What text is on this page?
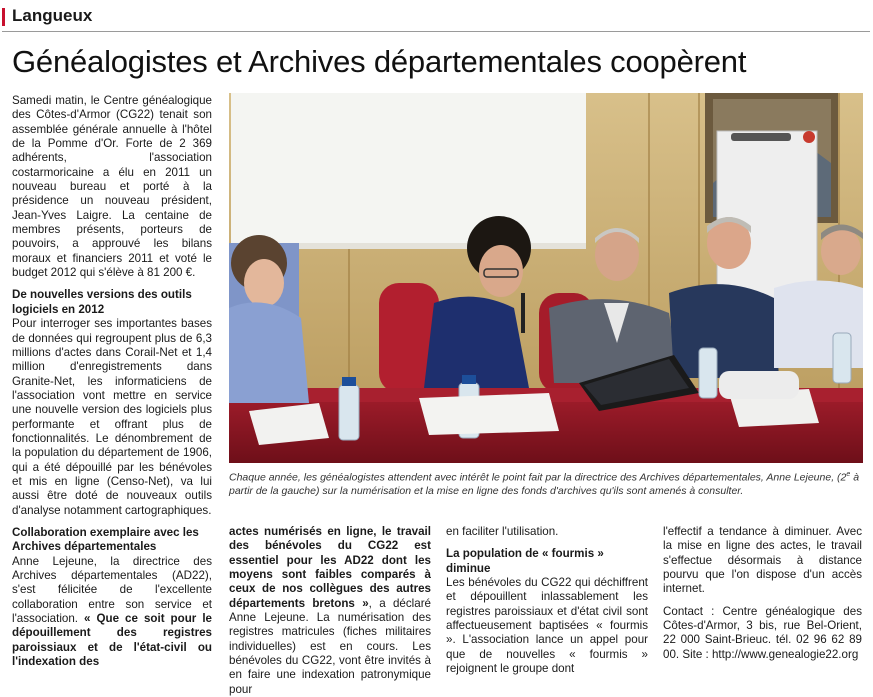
Langueux
Généalogistes et Archives départementales coopèrent

Samedi matin, le Centre généalogique des Côtes-d'Armor (CG22) tenait son assemblée générale annuelle à l'hôtel de la Pomme d'Or. Forte de 2 369 adhérents, l'association costarmoricaine a élu en 2011 un nouveau bureau et porté à la présidence un nouveau président, Jean-Yves Laigre. La centaine de membres présents, porteurs de pouvoirs, a approuvé les bilans moraux et financiers 2011 et voté le budget 2012 qui s'élève à 81 200 €.

De nouvelles versions des outils logiciels en 2012

Pour interroger ses importantes bases de données qui regroupent plus de 6,3 millions d'actes dans Corail-Net et 1,4 million d'enregistrements dans Granite-Net, les informaticiens de l'association vont mettre en service une nouvelle version des logiciels plus performante et offrant plus de fonctionnalités. Le dénombrement de la population du département de 1906, qui a été dépouillé par les bénévoles et mis en ligne (Censo-Net), va lui aussi être doté de nouveaux outils d'analyse notamment cartographiques.

Collaboration exemplaire avec les Archives départementales

Anne Lejeune, la directrice des Archives départementales (AD22), s'est félicitée de l'excellente collaboration entre son service et l'association. « Que ce soit pour le dépouillement des registres paroissiaux et de l'état-civil ou l'indexation des

Chaque année, les généalogistes attendent avec intérêt le point fait par la directrice des Archives départementales, Anne Lejeune, (2e à partir de la gauche) sur la numérisation et la mise en ligne des fonds d'archives qu'ils sont amenés à consulter.

actes numérisés en ligne, le travail des bénévoles du CG22 est essentiel pour les AD22 dont les moyens sont faibles comparés à ceux de nos collègues des autres départements bretons », a déclaré Anne Lejeune. La numérisation des registres matricules (fiches militaires individuelles) est en cours. Les bénévoles du CG22, vont être invités à en faire une indexation patronymique pour

en faciliter l'utilisation.

La population de « fourmis » diminue

Les bénévoles du CG22 qui déchiffrent et dépouillent inlassablement les registres paroissiaux et d'état civil sont affectueusement baptisées « fourmis ». L'association lance un appel pour que de nouvelles « fourmis » rejoignent le groupe dont

l'effectif a tendance à diminuer. Avec la mise en ligne des actes, le travail s'effectue désormais à distance pourvu que l'on dispose d'un accès internet.

Contact : Centre généalogique des Côtes-d'Armor, 3 bis, rue Bel-Orient, 22 000 Saint-Brieuc. tél. 02 96 62 89 00. Site : http://www.genealogie22.org
